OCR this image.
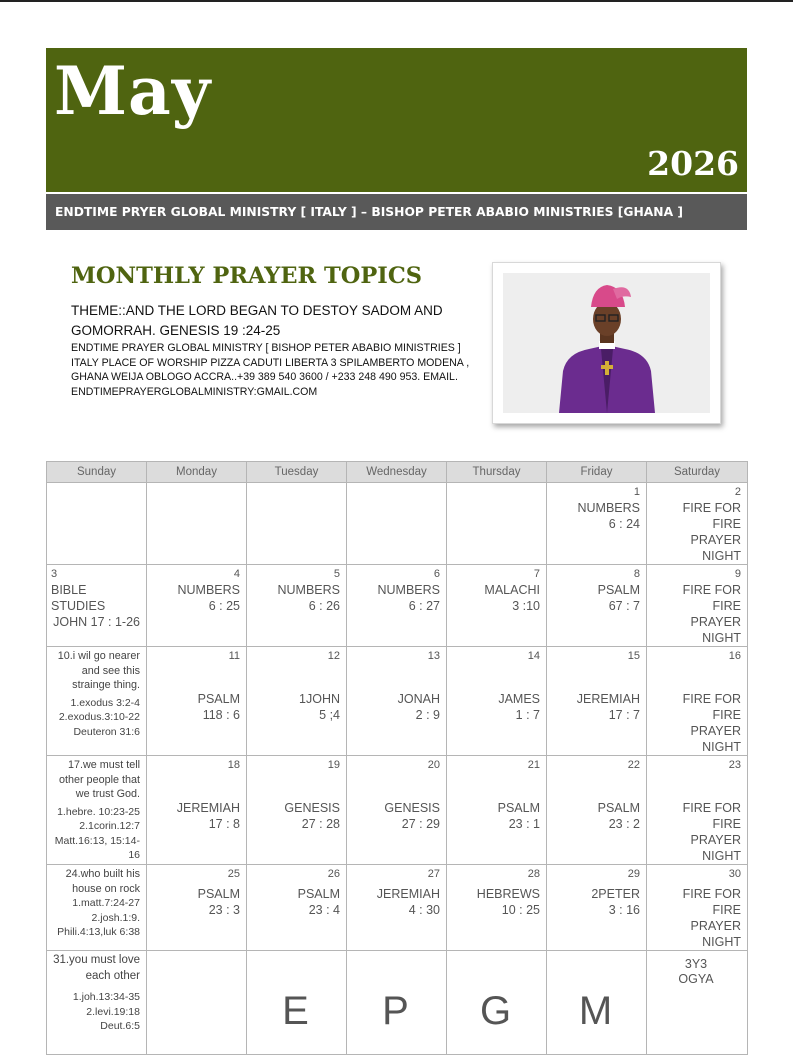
May
2026
ENDTIME PRYER GLOBAL MINISTRY [ ITALY ] – BISHOP PETER ABABIO MINISTRIES [GHANA ]
MONTHLY PRAYER TOPICS
THEME::AND THE LORD BEGAN TO DESTOY SADOM AND GOMORRAH. GENESIS 19 :24-25
ENDTIME PRAYER GLOBAL MINISTRY [ BISHOP PETER ABABIO MINISTRIES ] ITALY PLACE OF WORSHIP PIZZA CADUTI LIBERTA 3 SPILAMBERTO MODENA , GHANA WEIJA OBLOGO ACCRA..+39 389 540 3600 / +233 248 490 953. EMAIL. ENDTIMEPRAYERGLOBALMINISTRY:GMAIL.COM
Sunday	Monday	Tuesday	Wednesday	Thursday	Friday	Saturday

					1
NUMBERS
6 : 24	2
FIRE FOR FIRE
PRAYER NIGHT

3
BIBLE STUDIES
JOHN 17 : 1-26	4
NUMBERS
6 : 25	5
NUMBERS
6 : 26	6
NUMBERS
6 : 27	7
MALACHI
3 :10	8
PSALM
67 : 7	9
FIRE FOR FIRE
PRAYER NIGHT

10.i wil go nearer and see this strainge thing.
1.exodus 3:2-4
2.exodus.3:10-22
Deuteron 31:6	11
PSALM
118 : 6	12
1JOHN
5 ;4	13
JONAH
2 : 9	14
JAMES
1 : 7	15
JEREMIAH
17 : 7	16
FIRE FOR FIRE
PRAYER NIGHT

17.we must tell other people that we trust God.
1.hebre. 10:23-25
2.1corin.12:7
Matt.16:13, 15:14-16	18
JEREMIAH
17 : 8	19
GENESIS
27 : 28	20
GENESIS
27 : 29	21
PSALM
23 : 1	22
PSALM
23 : 2	23
FIRE FOR FIRE
PRAYER NIGHT

24.who built his house on rock
1.matt.7:24-27
2.josh.1:9.
Phili.4:13,luk 6:38	25
PSALM
23 : 3	26
PSALM
23 : 4	27
JEREMIAH
4 : 30	28
HEBREWS
10 : 25	29
2PETER
3 : 16	30
FIRE FOR FIRE
PRAYER NIGHT

31.you must love each other
1.joh.13:34-35
2.levi.19:18
Deut.6:5		E	P	G	M	3Y3
OGYA
